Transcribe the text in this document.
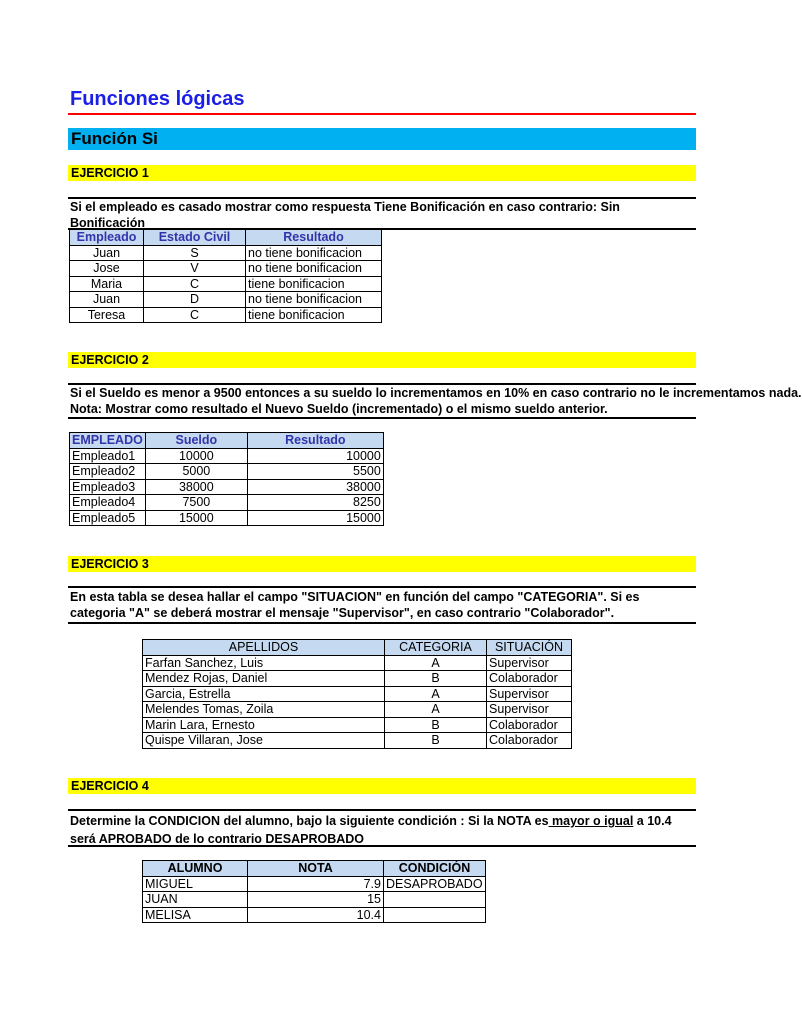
Funciones lógicas
Función Si
EJERCICIO 1
Si el empleado es casado mostrar como respuesta Tiene Bonificación en caso contrario: Sin Bonificación
Empleado	Estado Civil	Resultado
Juan	S	no tiene bonificacion
Jose	V	no tiene bonificacion
Maria	C	tiene bonificacion
Juan	D	no tiene bonificacion
Teresa	C	tiene bonificacion
EJERCICIO 2
Si el Sueldo es menor a 9500 entonces a su sueldo lo incrementamos en 10% en caso contrario no le incrementamos nada.
Nota: Mostrar como resultado el Nuevo Sueldo (incrementado) o el mismo sueldo anterior.
EMPLEADO	Sueldo	Resultado
Empleado1	10000	10000
Empleado2	5000	5500
Empleado3	38000	38000
Empleado4	7500	8250
Empleado5	15000	15000
EJERCICIO 3
En esta tabla se desea hallar el campo "SITUACION" en función del campo "CATEGORIA". Si es categoria "A" se deberá mostrar el mensaje "Supervisor", en caso contrario "Colaborador".
APELLIDOS	CATEGORIA	SITUACIÓN
Farfan Sanchez, Luis	A	Supervisor
Mendez Rojas, Daniel	B	Colaborador
Garcia, Estrella	A	Supervisor
Melendes Tomas, Zoila	A	Supervisor
Marin Lara, Ernesto	B	Colaborador
Quispe Villaran, Jose	B	Colaborador
EJERCICIO 4
Determine la CONDICION del alumno, bajo la siguiente condición : Si la NOTA es mayor o igual a 10.4 será APROBADO de lo contrario DESAPROBADO
ALUMNO	NOTA	CONDICIÓN
MIGUEL	7.9	DESAPROBADO
JUAN	15	
MELISA	10.4	
